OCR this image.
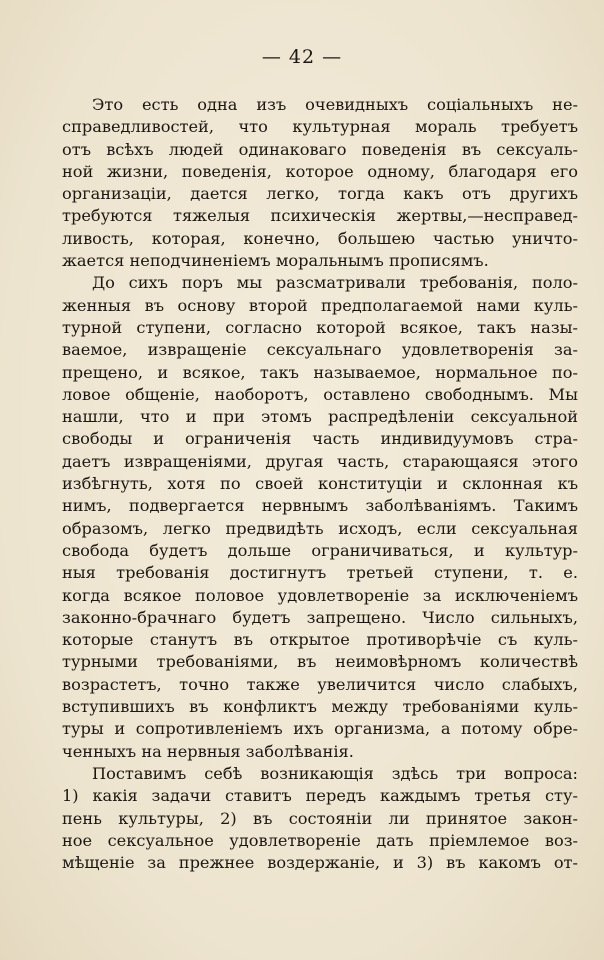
— 42 —
Это есть одна изъ очевидныхъ соціальныхъ не-
справедливостей, что культурная мораль требуетъ
отъ всѣхъ людей одинаковаго поведенія въ сексуаль-
ной жизни, поведенія, которое одному, благодаря его
организаціи, дается легко, тогда какъ отъ другихъ
требуются тяжелыя психическія жертвы,—несправед-
ливость, которая, конечно, большею частью уничто-
жается неподчиненіемъ моральнымъ прописямъ.
До сихъ поръ мы разсматривали требованія, поло-
женныя въ основу второй предполагаемой нами куль-
турной ступени, согласно которой всякое, такъ назы-
ваемое, извращеніе сексуальнаго удовлетворенія за-
прещено, и всякое, такъ называемое, нормальное по-
ловое общеніе, наоборотъ, оставлено свободнымъ. Мы
нашли, что и при этомъ распредѣленіи сексуальной
свободы и ограниченія часть индивидуумовъ стра-
даетъ извращеніями, другая часть, старающаяся этого
избѣгнуть, хотя по своей конституціи и склонная къ
нимъ, подвергается нервнымъ заболѣваніямъ. Такимъ
образомъ, легко предвидѣть исходъ, если сексуальная
свобода будетъ дольше ограничиваться, и культур-
ныя требованія достигнутъ третьей ступени, т. е.
когда всякое половое удовлетвореніе за исключеніемъ
законно-брачнаго будетъ запрещено. Число сильныхъ,
которые станутъ въ открытое противорѣчіе съ куль-
турными требованіями, въ неимовѣрномъ количествѣ
возрастетъ, точно также увеличится число слабыхъ,
вступившихъ въ конфликтъ между требованіями куль-
туры и сопротивленіемъ ихъ организма, а потому обре-
ченныхъ на нервныя заболѣванія.
Поставимъ себѣ возникающія здѣсь три вопроса:
1) какія задачи ставитъ передъ каждымъ третья сту-
пень культуры, 2) въ состояніи ли принятое закон-
ное сексуальное удовлетвореніе дать пріемлемое воз-
мѣщеніе за прежнее воздержаніе, и 3) въ какомъ от-
